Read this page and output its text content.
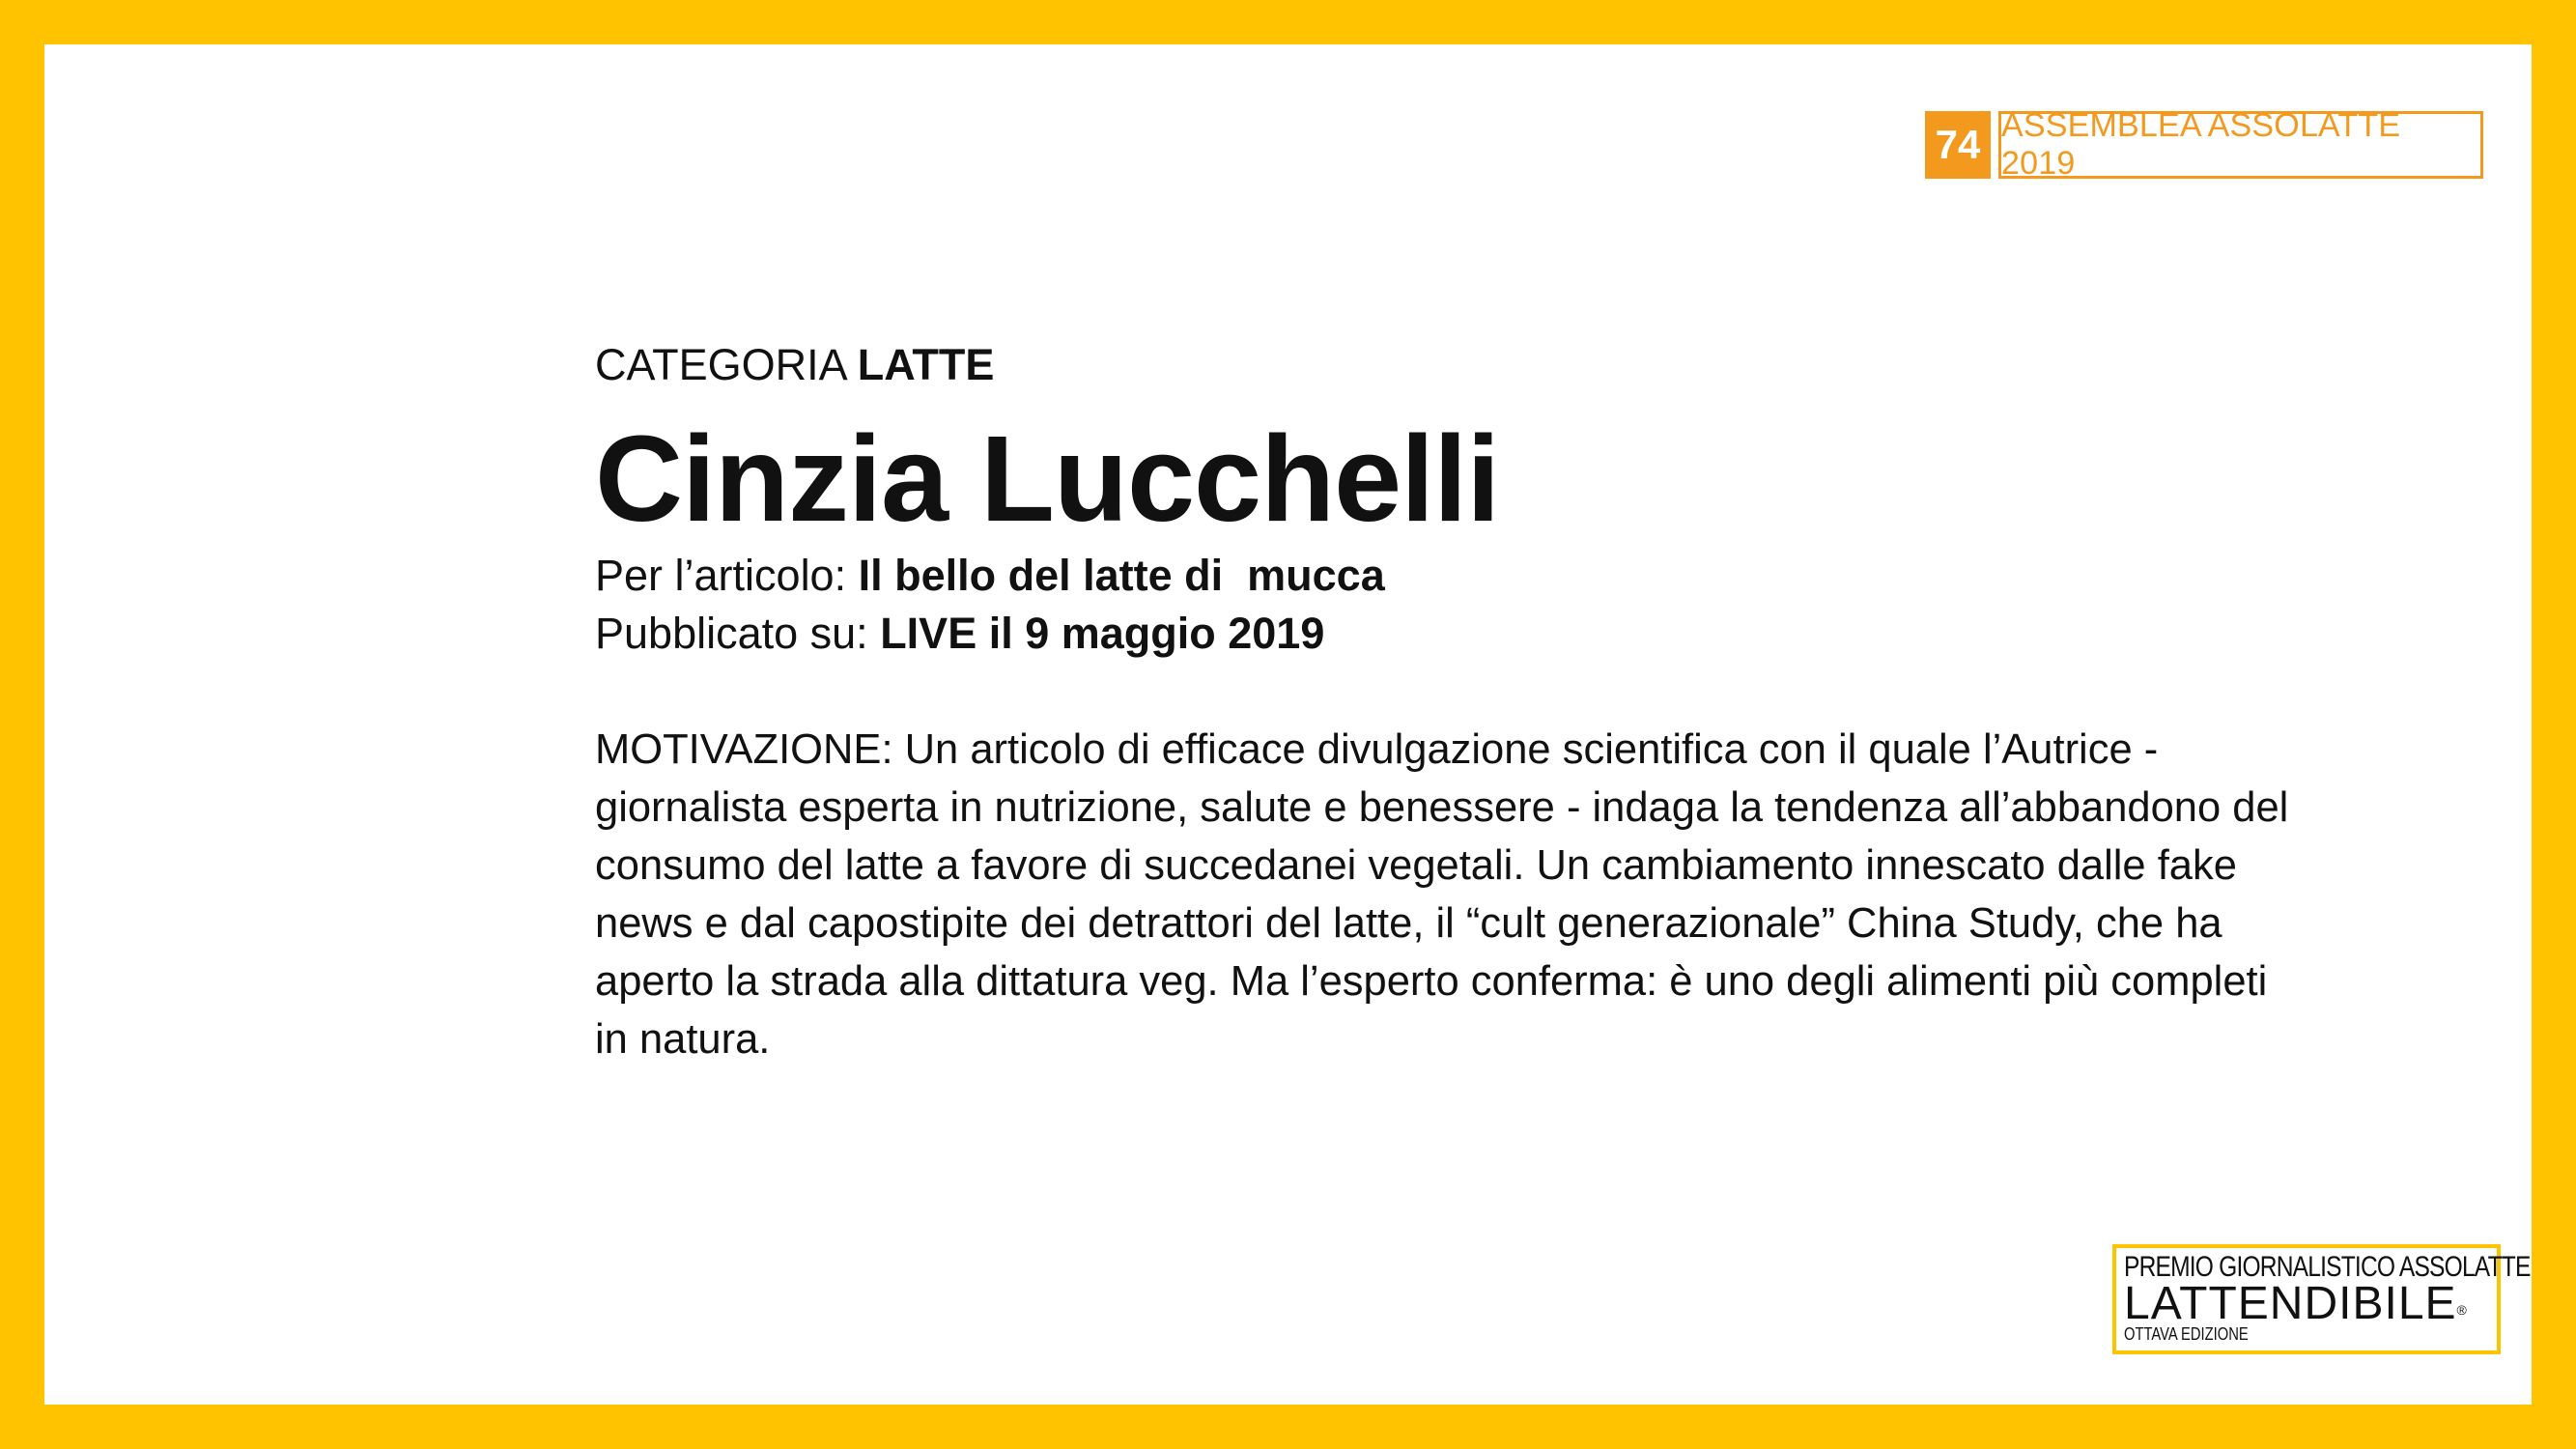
74 ASSEMBLEA ASSOLATTE 2019
CATEGORIA LATTE
Cinzia Lucchelli
Per l’articolo: Il bello del latte di  mucca
Pubblicato su: LIVE il 9 maggio 2019
MOTIVAZIONE: Un articolo di efficace divulgazione scientifica con il quale l’Autrice -
giornalista esperta in nutrizione, salute e benessere - indaga la tendenza all’abbandono del
consumo del latte a favore di succedanei vegetali. Un cambiamento innescato dalle fake
news e dal capostipite dei detrattori del latte, il “cult generazionale” China Study, che ha
aperto la strada alla dittatura veg. Ma l’esperto conferma: è uno degli alimenti più completi
in natura.
PREMIO GIORNALISTICO ASSOLATTE
LATTENDIBILE®
OTTAVA EDIZIONE
